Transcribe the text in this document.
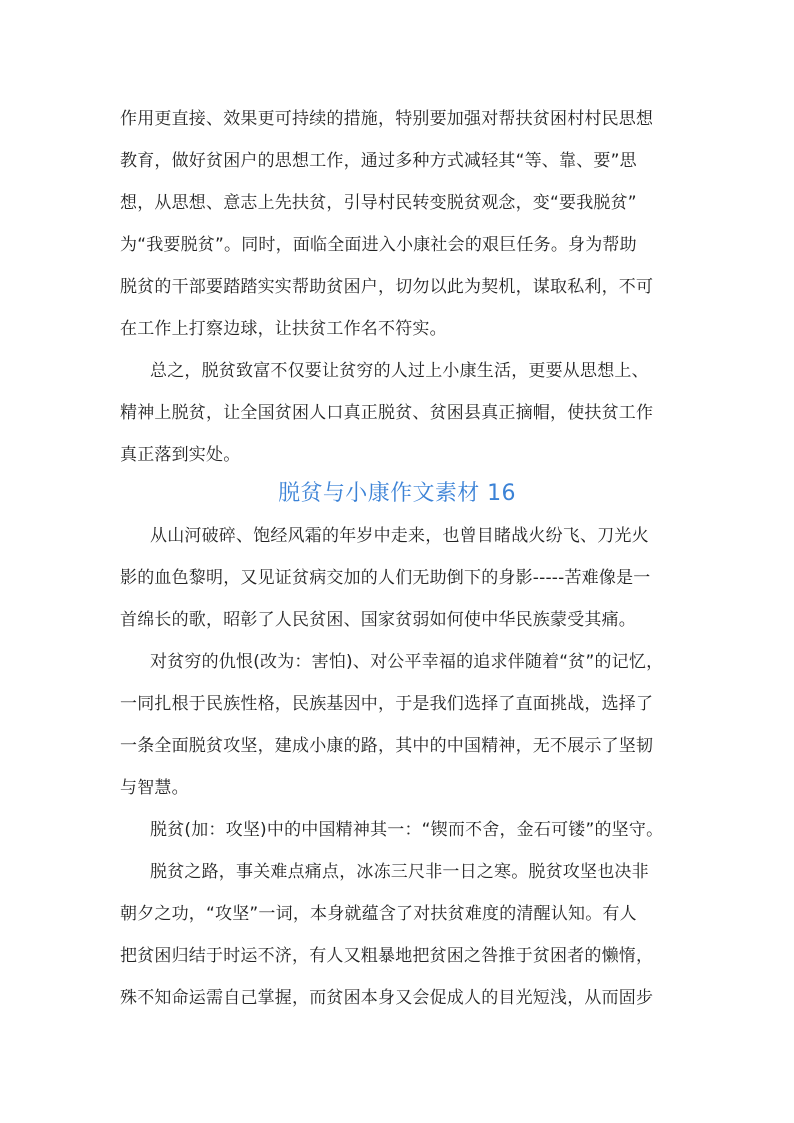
作用更直接、效果更可持续的措施，特别要加强对帮扶贫困村村民思想
教育，做好贫困户的思想工作，通过多种方式减轻其“等、靠、要”思
想，从思想、意志上先扶贫，引导村民转变脱贫观念，变“要我脱贫”
为“我要脱贫”。同时，面临全面进入小康社会的艰巨任务。身为帮助
脱贫的干部要踏踏实实帮助贫困户，切勿以此为契机，谋取私利，不可
在工作上打察边球，让扶贫工作名不符实。
总之，脱贫致富不仅要让贫穷的人过上小康生活，更要从思想上、
精神上脱贫，让全国贫困人口真正脱贫、贫困县真正摘帽，使扶贫工作
真正落到实处。
脱贫与小康作文素材 16
从山河破碎、饱经风霜的年岁中走来，也曾目睹战火纷飞、刀光火
影的血色黎明，又见证贫病交加的人们无助倒下的身影-----苦难像是一
首绵长的歌，昭彰了人民贫困、国家贫弱如何使中华民族蒙受其痛。
对贫穷的仇恨(改为：害怕)、对公平幸福的追求伴随着“贫”的记忆，
一同扎根于民族性格，民族基因中，于是我们选择了直面挑战，选择了
一条全面脱贫攻坚，建成小康的路，其中的中国精神，无不展示了坚韧
与智慧。
脱贫(加：攻坚)中的中国精神其一：“锲而不舍，金石可镂”的坚守。
脱贫之路，事关难点痛点，冰冻三尺非一日之寒。脱贫攻坚也决非
朝夕之功，“攻坚”一词，本身就蕴含了对扶贫难度的清醒认知。有人
把贫困归结于时运不济，有人又粗暴地把贫困之咎推于贫困者的懒惰，
殊不知命运需自己掌握，而贫困本身又会促成人的目光短浅，从而固步
